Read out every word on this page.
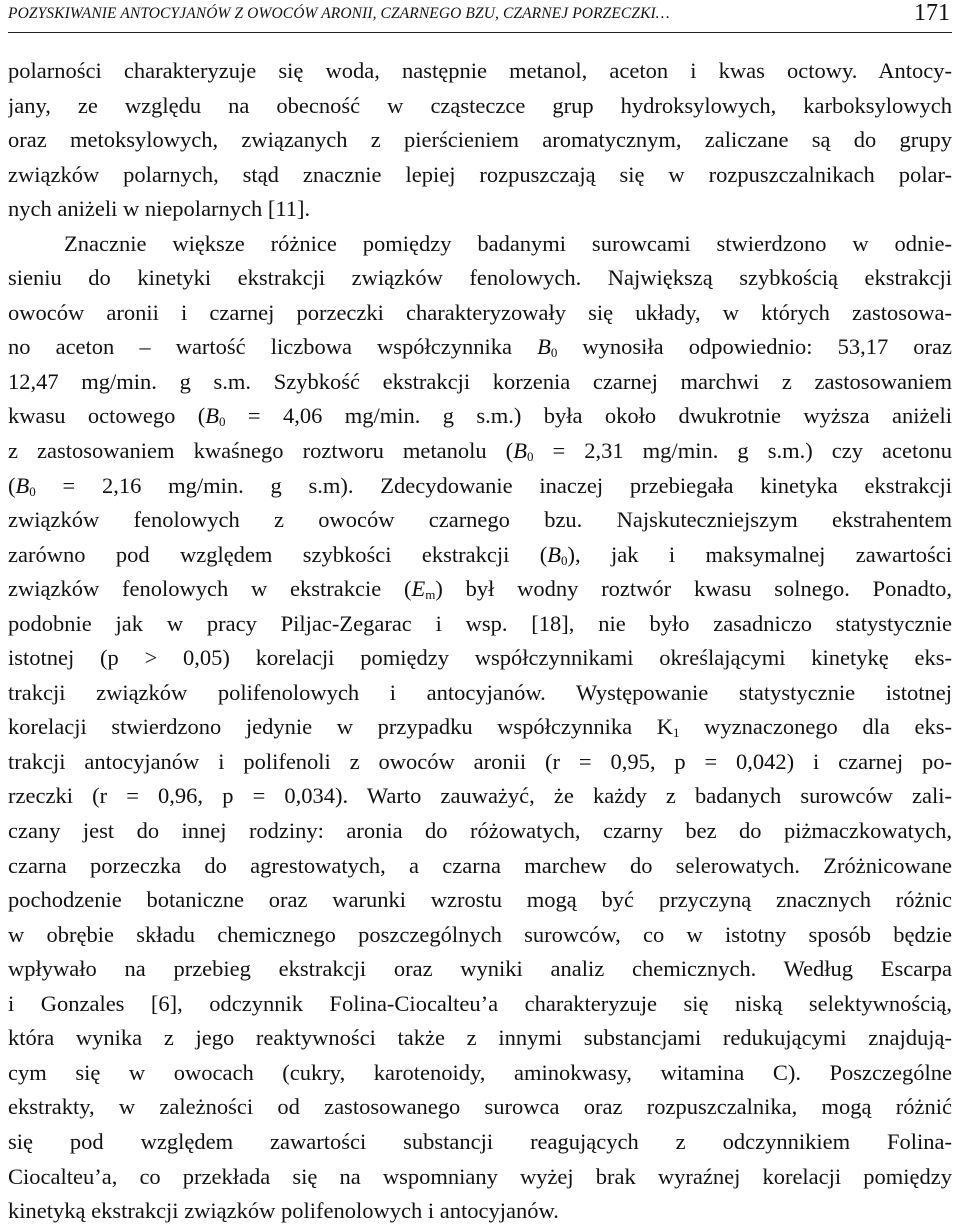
POZYSKIWANIE ANTOCYJANÓW Z OWOCÓW ARONII, CZARNEGO BZU, CZARNEJ PORZECZKI…	171
polarności charakteryzuje się woda, następnie metanol, aceton i kwas octowy. Antocy-
jany, ze względu na obecność w cząsteczce grup hydroksylowych, karboksylowych
oraz metoksylowych, związanych z pierścieniem aromatycznym, zaliczane są do grupy
związków polarnych, stąd znacznie lepiej rozpuszczają się w rozpuszczalnikach polar-
nych aniżeli w niepolarnych [11].
Znacznie większe różnice pomiędzy badanymi surowcami stwierdzono w odnie-
sieniu do kinetyki ekstrakcji związków fenolowych. Największą szybkością ekstrakcji
owoców aronii i czarnej porzeczki charakteryzowały się układy, w których zastosowa-
no aceton – wartość liczbowa współczynnika $B_0$ wynosiła odpowiednio: 53,17 oraz
12,47 mg/min. g s.m. Szybkość ekstrakcji korzenia czarnej marchwi z zastosowaniem
kwasu octowego ($B_0 = 4,06$ mg/min. g s.m.) była około dwukrotnie wyższa aniżeli
z zastosowaniem kwaśnego roztworu metanolu ($B_0 = 2,31$ mg/min. g s.m.) czy acetonu
($B_0 = 2,16$ mg/min. g s.m). Zdecydowanie inaczej przebiegała kinetyka ekstrakcji
związków fenolowych z owoców czarnego bzu. Najskuteczniejszym ekstrahentem
zarówno pod względem szybkości ekstrakcji $(B_0)$, jak i maksymalnej zawartości
związków fenolowych w ekstrakcie $(E_m)$ był wodny roztwór kwasu solnego. Ponadto,
podobnie jak w pracy Piljac-Zegarac i wsp. [18], nie było zasadniczo statystycznie
istotnej (p > 0,05) korelacji pomiędzy współczynnikami określającymi kinetykę eks-
trakcji związków polifenolowych i antocyjanów. Występowanie statystycznie istotnej
korelacji stwierdzono jedynie w przypadku współczynnika $K_1$ wyznaczonego dla eks-
trakcji antocyjanów i polifenoli z owoców aronii (r = 0,95, p = 0,042) i czarnej po-
rzeczki (r = 0,96, p = 0,034). Warto zauważyć, że każdy z badanych surowców zali-
czany jest do innej rodziny: aronia do różowatych, czarny bez do piżmaczkowatych,
czarna porzeczka do agrestowatych, a czarna marchew do selerowatych. Zróżnicowane
pochodzenie botaniczne oraz warunki wzrostu mogą być przyczyną znacznych różnic
w obrębie składu chemicznego poszczególnych surowców, co w istotny sposób będzie
wpływało na przebieg ekstrakcji oraz wyniki analiz chemicznych. Według Escarpa
i Gonzales [6], odczynnik Folina-Ciocalteu’a charakteryzuje się niską selektywnością,
która wynika z jego reaktywności także z innymi substancjami redukującymi znajdują-
cym się w owocach (cukry, karotenoidy, aminokwasy, witamina C). Poszczególne
ekstrakty, w zależności od zastosowanego surowca oraz rozpuszczalnika, mogą różnić
się pod względem zawartości substancji reagujących z odczynnikiem Folina-
Ciocalteu’a, co przekłada się na wspomniany wyżej brak wyraźnej korelacji pomiędzy
kinetyką ekstrakcji związków polifenolowych i antocyjanów.
